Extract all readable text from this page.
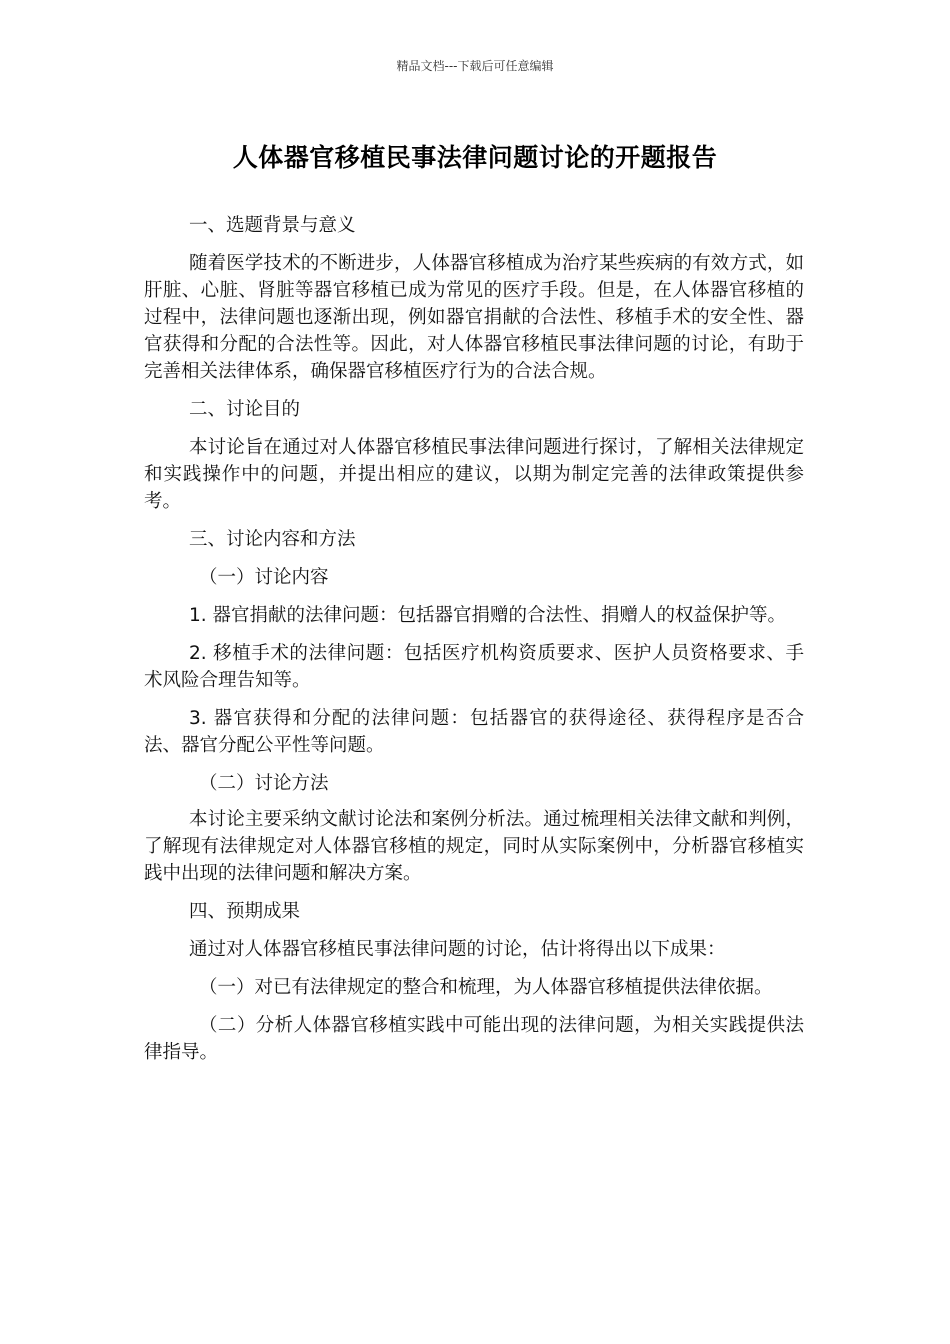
精品文档---下载后可任意编辑
人体器官移植民事法律问题讨论的开题报告

一、选题背景与意义

随着医学技术的不断进步，人体器官移植成为治疗某些疾病的有效方式，如肝脏、心脏、肾脏等器官移植已成为常见的医疗手段。但是，在人体器官移植的过程中，法律问题也逐渐出现，例如器官捐献的合法性、移植手术的安全性、器官获得和分配的合法性等。因此，对人体器官移植民事法律问题的讨论，有助于完善相关法律体系，确保器官移植医疗行为的合法合规。

二、讨论目的

本讨论旨在通过对人体器官移植民事法律问题进行探讨，了解相关法律规定和实践操作中的问题，并提出相应的建议，以期为制定完善的法律政策提供参考。

三、讨论内容和方法

（一）讨论内容

1. 器官捐献的法律问题：包括器官捐赠的合法性、捐赠人的权益保护等。

2. 移植手术的法律问题：包括医疗机构资质要求、医护人员资格要求、手术风险合理告知等。

3. 器官获得和分配的法律问题：包括器官的获得途径、获得程序是否合法、器官分配公平性等问题。

（二）讨论方法

本讨论主要采纳文献讨论法和案例分析法。通过梳理相关法律文献和判例，了解现有法律规定对人体器官移植的规定，同时从实际案例中，分析器官移植实践中出现的法律问题和解决方案。

四、预期成果

通过对人体器官移植民事法律问题的讨论，估计将得出以下成果：

（一）对已有法律规定的整合和梳理，为人体器官移植提供法律依据。

（二）分析人体器官移植实践中可能出现的法律问题，为相关实践提供法律指导。
